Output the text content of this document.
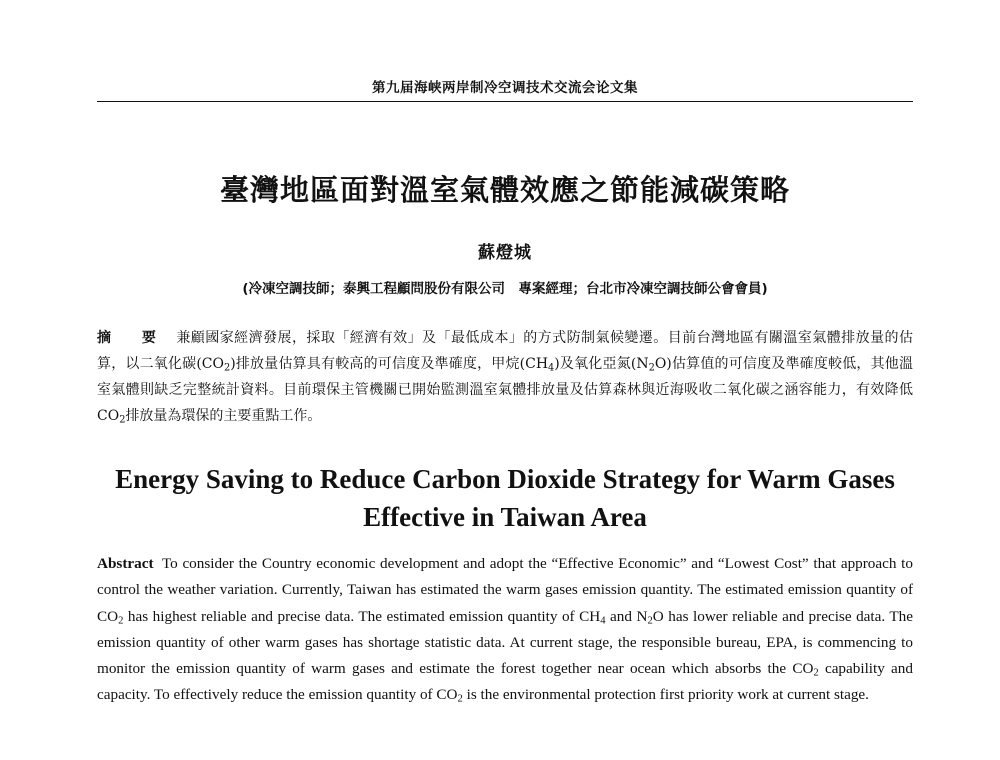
第九届海峡两岸制冷空调技术交流会论文集
臺灣地區面對溫室氣體效應之節能減碳策略
蘇燈城
(冷凍空調技師；泰興工程顧問股份有限公司　專案經理；台北市冷凍空調技師公會會員)
摘　要 兼顧國家經濟發展，採取「經濟有效」及「最低成本」的方式防制氣候變遷。目前台灣地區有關溫室氣體排放量的估算，以二氧化碳$(CO_2)$排放量估算具有較高的可信度及準確度，甲烷$(CH_4)$及氧化亞氮$(N_2O)$估算值的可信度及準確度較低，其他溫室氣體則缺乏完整統計資料。目前環保主管機關已開始監測溫室氣體排放量及估算森林與近海吸收二氧化碳之涵容能力，有效降低$CO_2$排放量為環保的主要重點工作。
Energy Saving to Reduce Carbon Dioxide Strategy for Warm Gases
Effective in Taiwan Area
Abstract To consider the Country economic development and adopt the “Effective Economic” and “Lowest Cost” that approach to control the weather variation. Currently, Taiwan has estimated the warm gases emission quantity. The estimated emission quantity of $CO_2$ has highest reliable and precise data. The estimated emission quantity of $CH_4$ and $N_2O$ has lower reliable and precise data. The emission quantity of other warm gases has shortage statistic data. At current stage, the responsible bureau, EPA, is commencing to monitor the emission quantity of warm gases and estimate the forest together near ocean which absorbs the $CO_2$ capability and capacity. To effectively reduce the emission quantity of $CO_2$ is the environmental protection first priority work at current stage.
